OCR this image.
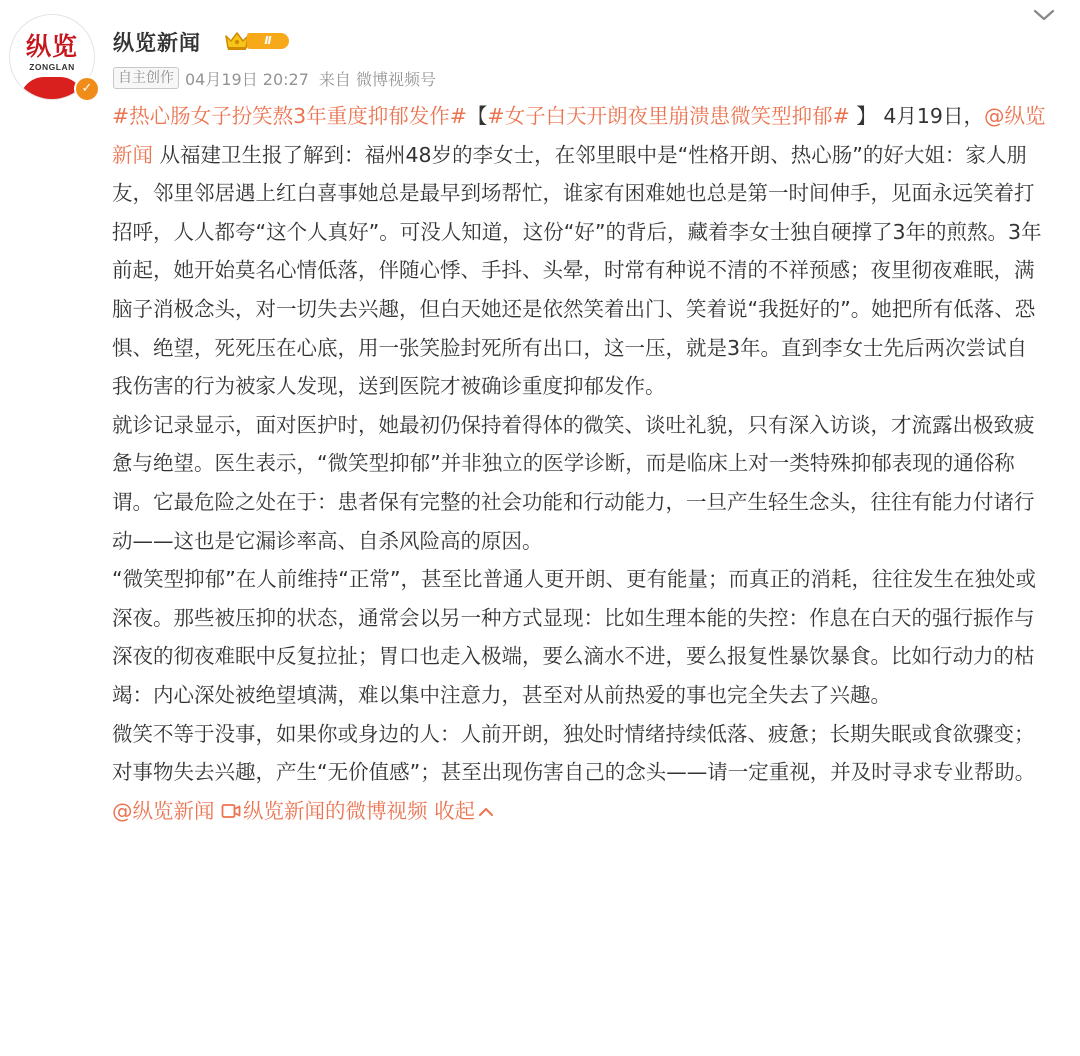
纵览
ZONGLAN
✓
纵览新闻	Ⅱ
自主创作 04月19日 20:27 来自 微博视频号

#热心肠女子扮笑熬3年重度抑郁发作#【#女子白天开朗夜里崩溃患微笑型抑郁# 】 4月19日，@纵览新闻 从福建卫生报了解到：福州48岁的李女士，在邻里眼中是“性格开朗、热心肠”的好大姐：家人朋友，邻里邻居遇上红白喜事她总是最早到场帮忙，谁家有困难她也总是第一时间伸手，见面永远笑着打招呼，人人都夸“这个人真好”。可没人知道，这份“好”的背后，藏着李女士独自硬撑了3年的煎熬。3年前起，她开始莫名心情低落，伴随心悸、手抖、头晕，时常有种说不清的不祥预感；夜里彻夜难眠，满脑子消极念头，对一切失去兴趣，但白天她还是依然笑着出门、笑着说“我挺好的”。她把所有低落、恐惧、绝望，死死压在心底，用一张笑脸封死所有出口，这一压，就是3年。直到李女士先后两次尝试自我伤害的行为被家人发现，送到医院才被确诊重度抑郁发作。

就诊记录显示，面对医护时，她最初仍保持着得体的微笑、谈吐礼貌，只有深入访谈，才流露出极致疲惫与绝望。医生表示，“微笑型抑郁”并非独立的医学诊断，而是临床上对一类特殊抑郁表现的通俗称谓。它最危险之处在于：患者保有完整的社会功能和行动能力，一旦产生轻生念头，往往有能力付诸行动——这也是它漏诊率高、自杀风险高的原因。

“微笑型抑郁”在人前维持“正常”，甚至比普通人更开朗、更有能量；而真正的消耗，往往发生在独处或深夜。那些被压抑的状态，通常会以另一种方式显现：比如生理本能的失控：作息在白天的强行振作与深夜的彻夜难眠中反复拉扯；胃口也走入极端，要么滴水不进，要么报复性暴饮暴食。比如行动力的枯竭：内心深处被绝望填满，难以集中注意力，甚至对从前热爱的事也完全失去了兴趣。

微笑不等于没事，如果你或身边的人：人前开朗，独处时情绪持续低落、疲惫；长期失眠或食欲骤变；对事物失去兴趣，产生“无价值感”；甚至出现伤害自己的念头——请一定重视，并及时寻求专业帮助。 @纵览新闻 纵览新闻的微博视频 收起
